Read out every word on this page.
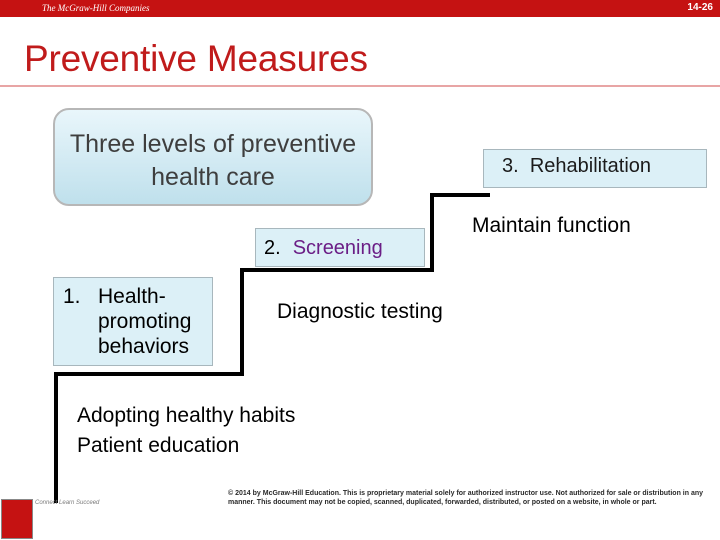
The McGraw-Hill Companies	14-26
Preventive Measures
Three levels of preventive health care
1. Health-promoting behaviors
2. Screening
3. Rehabilitation
Diagnostic testing
Maintain function
Adopting healthy habits
Patient education
Connect Learn Succeed
© 2014 by McGraw-Hill Education. This is proprietary material solely for authorized instructor use. Not authorized for sale or distribution in any manner. This document may not be copied, scanned, duplicated, forwarded, distributed, or posted on a website, in whole or part.
